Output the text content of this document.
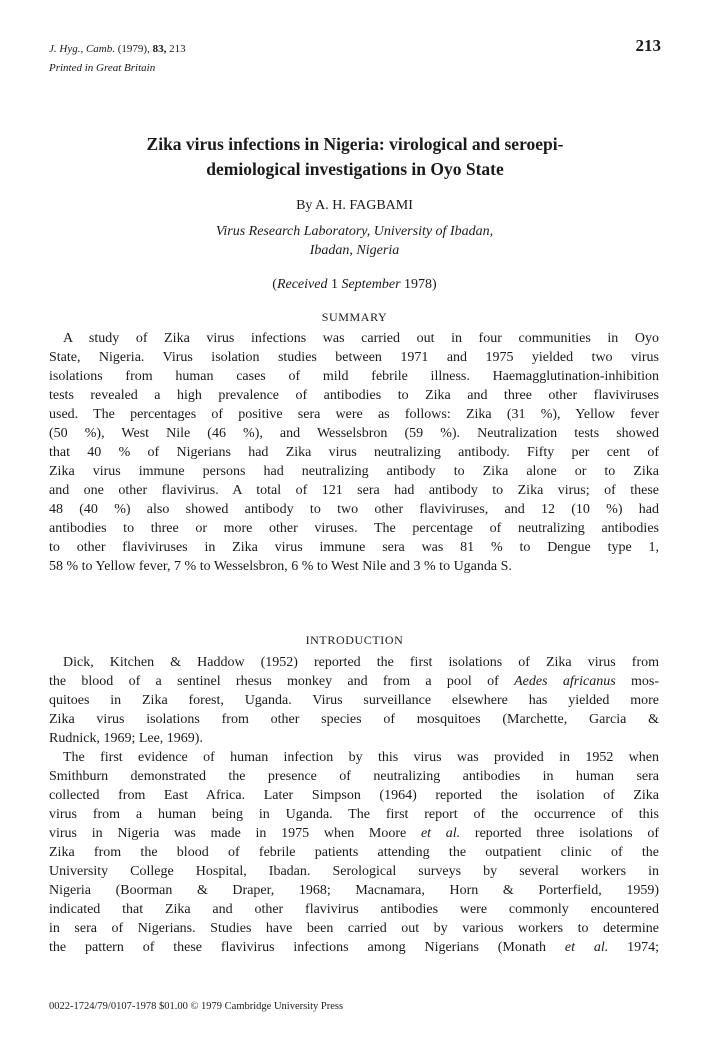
J. Hyg., Camb. (1979), 83, 213
Printed in Great Britain
213
Zika virus infections in Nigeria: virological and seroepi-
demiological investigations in Oyo State
By A. H. FAGBAMI
Virus Research Laboratory, University of Ibadan,
Ibadan, Nigeria
(Received 1 September 1978)
SUMMARY
A study of Zika virus infections was carried out in four communities in Oyo
State, Nigeria. Virus isolation studies between 1971 and 1975 yielded two virus
isolations from human cases of mild febrile illness. Haemagglutination-inhibition
tests revealed a high prevalence of antibodies to Zika and three other flaviviruses
used. The percentages of positive sera were as follows: Zika (31 %), Yellow fever
(50 %), West Nile (46 %), and Wesselsbron (59 %). Neutralization tests showed
that 40 % of Nigerians had Zika virus neutralizing antibody. Fifty per cent of
Zika virus immune persons had neutralizing antibody to Zika alone or to Zika
and one other flavivirus. A total of 121 sera had antibody to Zika virus; of these
48 (40 %) also showed antibody to two other flaviviruses, and 12 (10 %) had
antibodies to three or more other viruses. The percentage of neutralizing antibodies
to other flaviviruses in Zika virus immune sera was 81 % to Dengue type 1,
58 % to Yellow fever, 7 % to Wesselsbron, 6 % to West Nile and 3 % to Uganda S.
INTRODUCTION
Dick, Kitchen & Haddow (1952) reported the first isolations of Zika virus from
the blood of a sentinel rhesus monkey and from a pool of Aedes africanus mos-
quitoes in Zika forest, Uganda. Virus surveillance elsewhere has yielded more
Zika virus isolations from other species of mosquitoes (Marchette, Garcia &
Rudnick, 1969; Lee, 1969).
The first evidence of human infection by this virus was provided in 1952 when
Smithburn demonstrated the presence of neutralizing antibodies in human sera
collected from East Africa. Later Simpson (1964) reported the isolation of Zika
virus from a human being in Uganda. The first report of the occurrence of this
virus in Nigeria was made in 1975 when Moore et al. reported three isolations of
Zika from the blood of febrile patients attending the outpatient clinic of the
University College Hospital, Ibadan. Serological surveys by several workers in
Nigeria (Boorman & Draper, 1968; Macnamara, Horn & Porterfield, 1959)
indicated that Zika and other flavivirus antibodies were commonly encountered
in sera of Nigerians. Studies have been carried out by various workers to determine
the pattern of these flavivirus infections among Nigerians (Monath et al. 1974;
0022-1724/79/0107-1978 $01.00 © 1979 Cambridge University Press
